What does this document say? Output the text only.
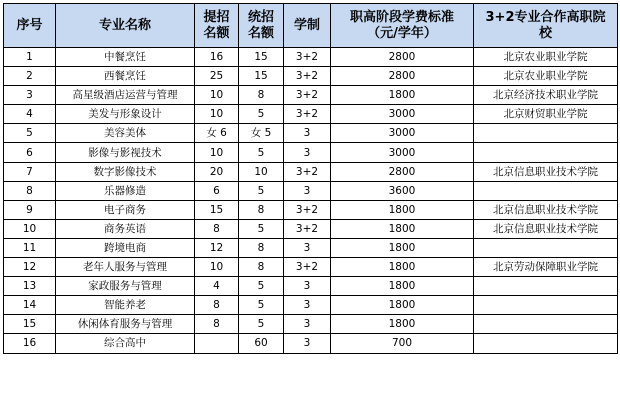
序号	专业名称	提招名额	统招名额	学制	职高阶段学费标准（元/学年）	3+2专业合作高职院校
1	中餐烹饪	16	15	3+2	2800	北京农业职业学院
2	西餐烹饪	25	15	3+2	2800	北京农业职业学院
3	高星级酒店运营与管理	10	8	3+2	1800	北京经济技术职业学院
4	美发与形象设计	10	5	3+2	3000	北京财贸职业学院
5	美容美体	女 6	女 5	3	3000	
6	影像与影视技术	10	5	3	3000	
7	数字影像技术	20	10	3+2	2800	北京信息职业技术学院
8	乐器修造	6	5	3	3600	
9	电子商务	15	8	3+2	1800	北京信息职业技术学院
10	商务英语	8	5	3+2	1800	北京信息职业技术学院
11	跨境电商	12	8	3	1800	
12	老年人服务与管理	10	8	3+2	1800	北京劳动保障职业学院
13	家政服务与管理	4	5	3	1800	
14	智能养老	8	5	3	1800	
15	休闲体育服务与管理	8	5	3	1800	
16	综合高中		60	3	700	
